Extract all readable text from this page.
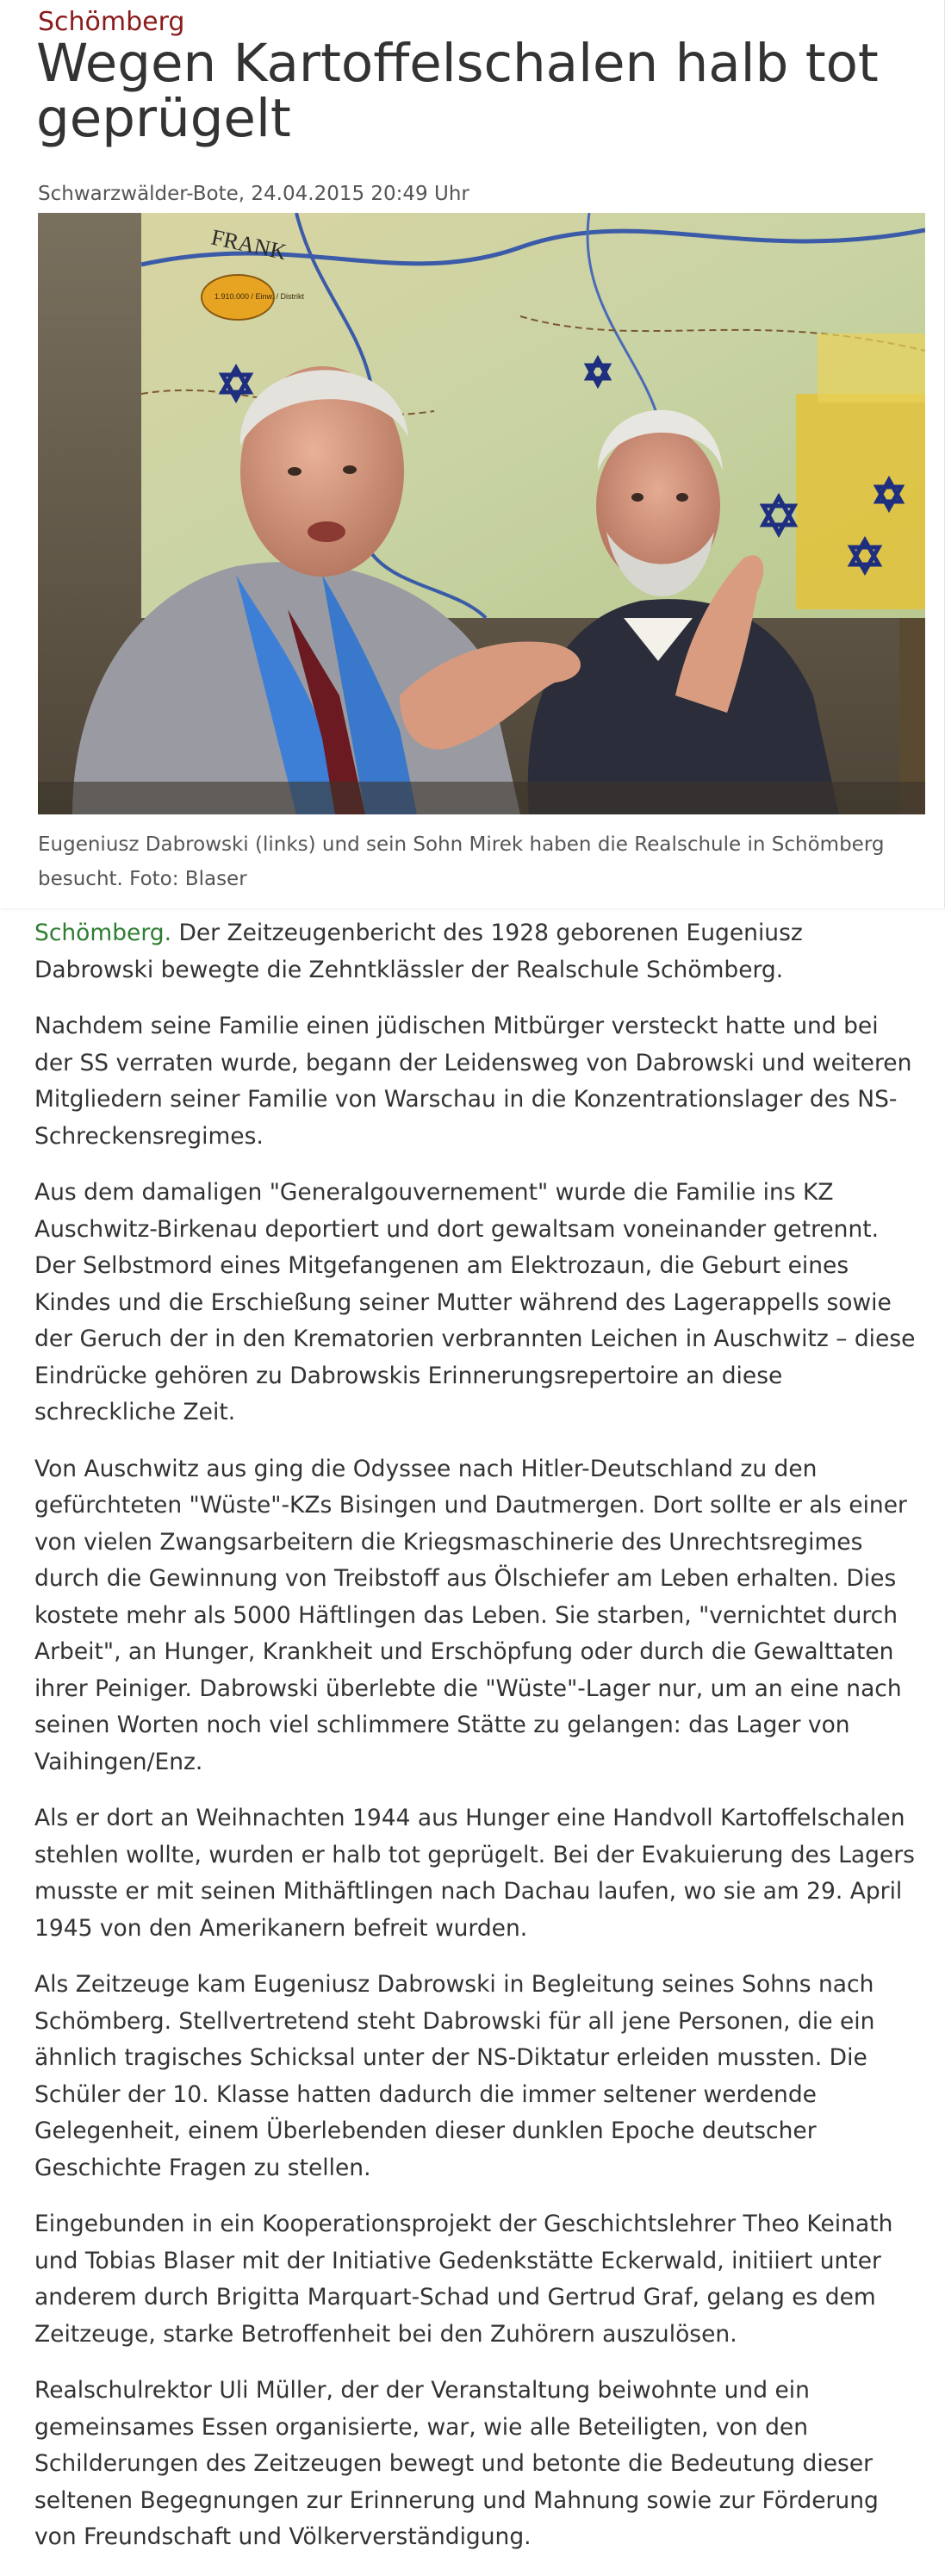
Schömberg
Wegen Kartoffelschalen halb tot geprügelt
Schwarzwälder-Bote, 24.04.2015 20:49 Uhr
FRANK
1.910.000 / Einw. / Distrikt
Eugeniusz Dabrowski (links) und sein Sohn Mirek haben die Realschule in Schömberg besucht. Foto: Blaser

Schömberg. Der Zeitzeugenbericht des 1928 geborenen Eugeniusz Dabrowski bewegte die Zehntklässler der Realschule Schömberg.

Nachdem seine Familie einen jüdischen Mitbürger versteckt hatte und bei der SS verraten wurde, begann der Leidensweg von Dabrowski und weiteren Mitgliedern seiner Familie von Warschau in die Konzentrationslager des NS-Schreckensregimes.

Aus dem damaligen "Generalgouvernement" wurde die Familie ins KZ Auschwitz-Birkenau deportiert und dort gewaltsam voneinander getrennt. Der Selbstmord eines Mitgefangenen am Elektrozaun, die Geburt eines Kindes und die Erschießung seiner Mutter während des Lagerappells sowie der Geruch der in den Krematorien verbrannten Leichen in Auschwitz – diese Eindrücke gehören zu Dabrowskis Erinnerungsrepertoire an diese schreckliche Zeit.

Von Auschwitz aus ging die Odyssee nach Hitler-Deutschland zu den gefürchteten "Wüste"-KZs Bisingen und Dautmergen. Dort sollte er als einer von vielen Zwangsarbeitern die Kriegsmaschinerie des Unrechtsregimes durch die Gewinnung von Treibstoff aus Ölschiefer am Leben erhalten. Dies kostete mehr als 5000 Häftlingen das Leben. Sie starben, "vernichtet durch Arbeit", an Hunger, Krankheit und Erschöpfung oder durch die Gewalttaten ihrer Peiniger. Dabrowski überlebte die "Wüste"-Lager nur, um an eine nach seinen Worten noch viel schlimmere Stätte zu gelangen: das Lager von Vaihingen/Enz.

Als er dort an Weihnachten 1944 aus Hunger eine Handvoll Kartoffelschalen stehlen wollte, wurden er halb tot geprügelt. Bei der Evakuierung des Lagers musste er mit seinen Mithäftlingen nach Dachau laufen, wo sie am 29. April 1945 von den Amerikanern befreit wurden.

Als Zeitzeuge kam Eugeniusz Dabrowski in Begleitung seines Sohns nach Schömberg. Stellvertretend steht Dabrowski für all jene Personen, die ein ähnlich tragisches Schicksal unter der NS-Diktatur erleiden mussten. Die Schüler der 10. Klasse hatten dadurch die immer seltener werdende Gelegenheit, einem Überlebenden dieser dunklen Epoche deutscher Geschichte Fragen zu stellen.

Eingebunden in ein Kooperationsprojekt der Geschichtslehrer Theo Keinath und Tobias Blaser mit der Initiative Gedenkstätte Eckerwald, initiiert unter anderem durch Brigitta Marquart-Schad und Gertrud Graf, gelang es dem Zeitzeuge, starke Betroffenheit bei den Zuhörern auszulösen.

Realschulrektor Uli Müller, der der Veranstaltung beiwohnte und ein gemeinsames Essen organisierte, war, wie alle Beteiligten, von den Schilderungen des Zeitzeugen bewegt und betonte die Bedeutung dieser seltenen Begegnungen zur Erinnerung und Mahnung sowie zur Förderung von Freundschaft und Völkerverständigung.
